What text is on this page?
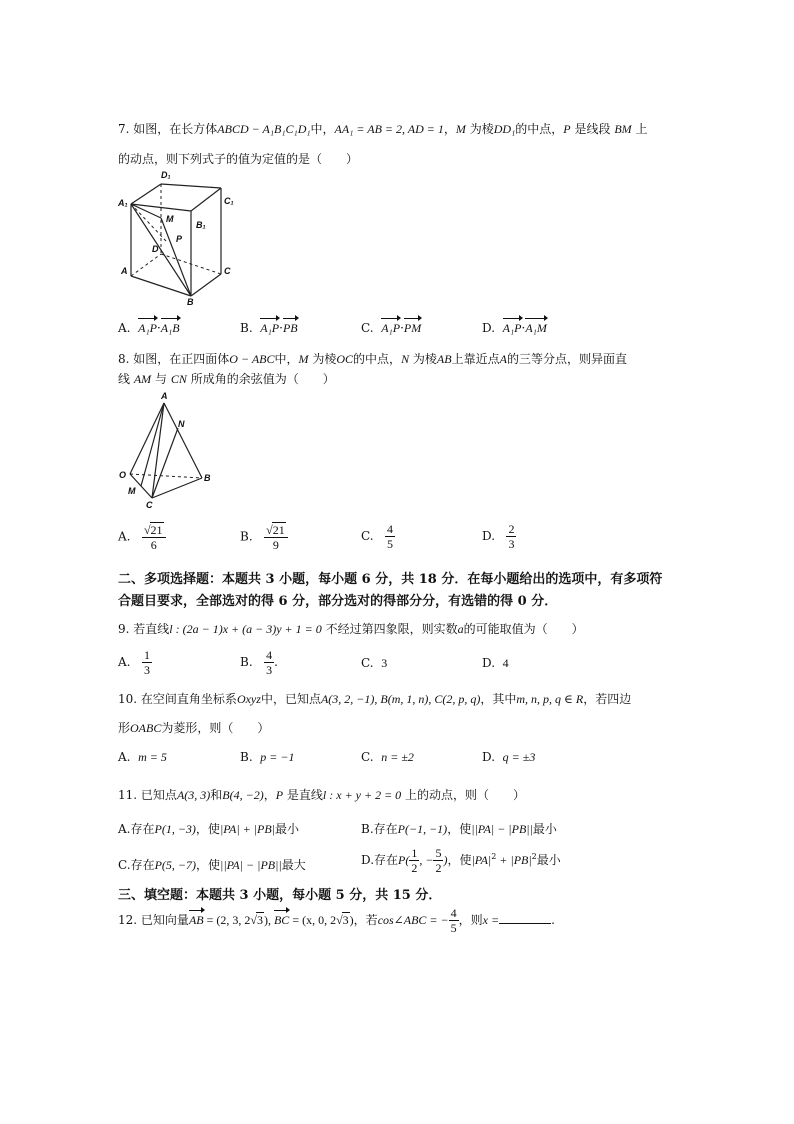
7. 如图，在长方体ABCD − A₁B₁C₁D₁中，AA₁ = AB = 2, AD = 1，M 为棱DD₁的中点，P 是线段 BM 上
的动点，则下列式子的值为定值的是（　　）
D₁
C₁
A₁
B₁
M
P
D
A	C
B
A. A₁P·A₁B	B. A₁P·PB	C. A₁P·PM	D. A₁P·A₁M
8. 如图，在正四面体O − ABC中，M 为棱OC的中点，N 为棱AB上靠近点A的三等分点，则异面直
线 AM 与 CN 所成角的余弦值为（　　）
A
N
O	B
M
C
A. $\frac{√21}{6}$	B. $\frac{√21}{9}$	C. $\frac{4}{5}$	D. $\frac{2}{3}$
二、多项选择题：本题共 3 小题，每小题 6 分，共 18 分．在每小题给出的选项中，有多项符
合题目要求，全部选对的得 6 分，部分选对的得部分分，有选错的得 0 分．
9. 若直线l : (2a − 1)x + (a − 3)y + 1 = 0 不经过第四象限，则实数a的可能取值为（　　）
A. $\frac{1}{3}$	B. $\frac{4}{3}$ .	C. 3	D. 4
10. 在空间直角坐标系Oxyz中，已知点A(3, 2, −1), B(m, 1, n), C(2, p, q)，其中m, n, p, q ∈ R，若四边
形OABC为菱形，则（　　）
A. m = 5	B. p = −1	C. n = ±2	D. q = ±3
11. 已知点A(3, 3)和B(4, −2)，P 是直线l : x + y + 2 = 0 上的动点，则（　　）
A.存在P(1, −3)，使|PA| + |PB|最小	B.存在P(−1, −1)，使||PA| − |PB||最小
C.存在P(5, −7)，使||PA| − |PB||最大	D.存在$P( \frac{1}{2}$ , − $\frac{5}{2}$ )，使$|PA|^2 + |PB|^2$最小
三、填空题：本题共 3 小题，每小题 5 分，共 15 分．
12. 已知向量AB = (2, 3, 2√3), BC = (x, 0, 2√3)，若cos∠ABC = − $\frac{4}{5}$ ，则x =	.
